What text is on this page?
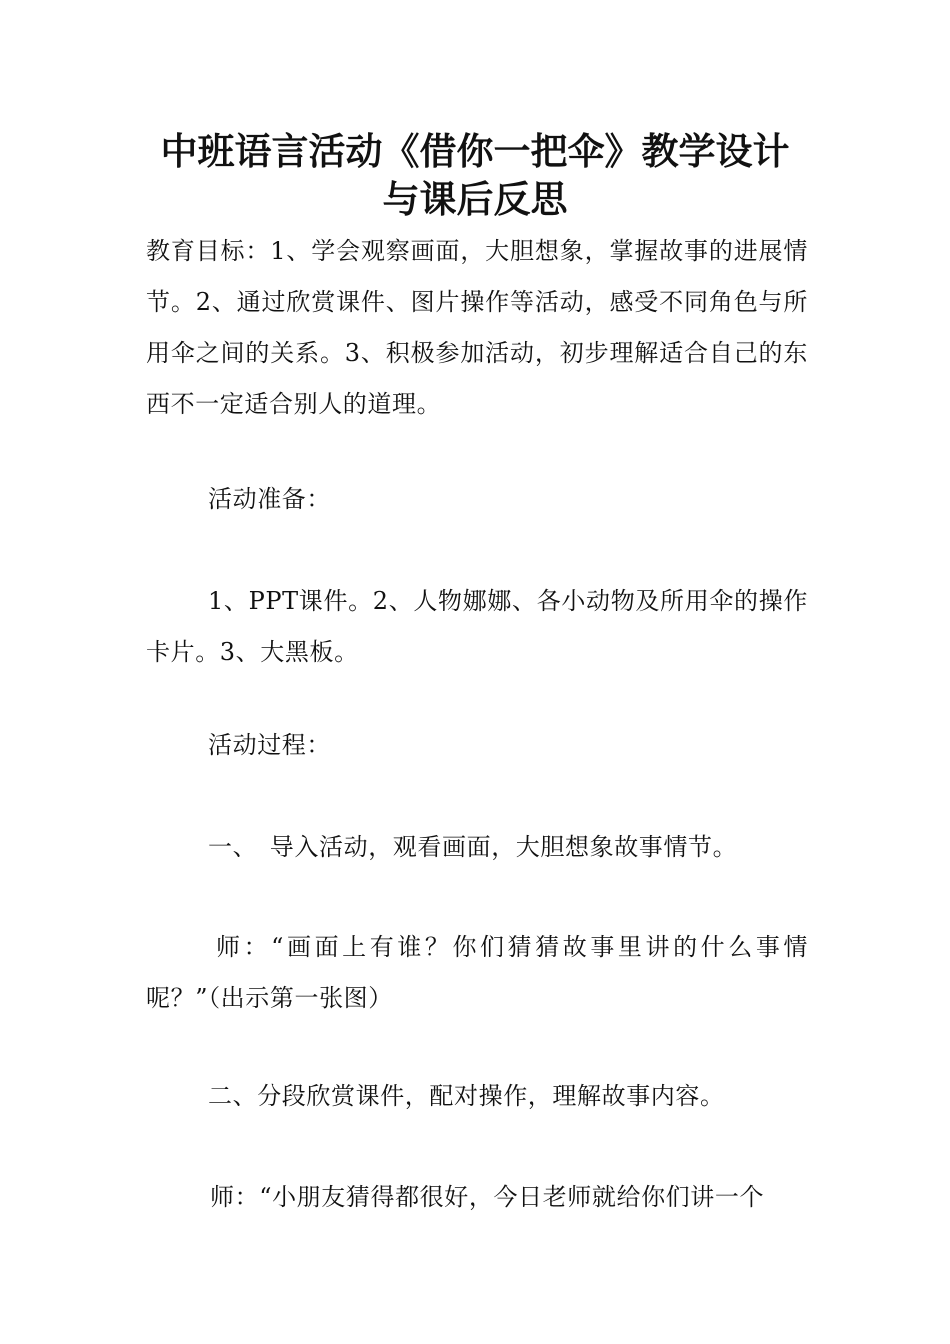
中班语言活动《借你一把伞》教学设计
与课后反思

教育目标：1、学会观察画面，大胆想象，掌握故事的进展情节。2、通过欣赏课件、图片操作等活动，感受不同角色与所用伞之间的关系。3、积极参加活动，初步理解适合自己的东西不一定适合别人的道理。

活动准备：

1、PPT课件。2、人物娜娜、各小动物及所用伞的操作卡片。3、大黑板。

活动过程：

一、　导入活动，观看画面，大胆想象故事情节。

师：“画面上有谁？你们猜猜故事里讲的什么事情呢？”（出示第一张图）

二、分段欣赏课件，配对操作，理解故事内容。

师：“小朋友猜得都很好，今日老师就给你们讲一个
